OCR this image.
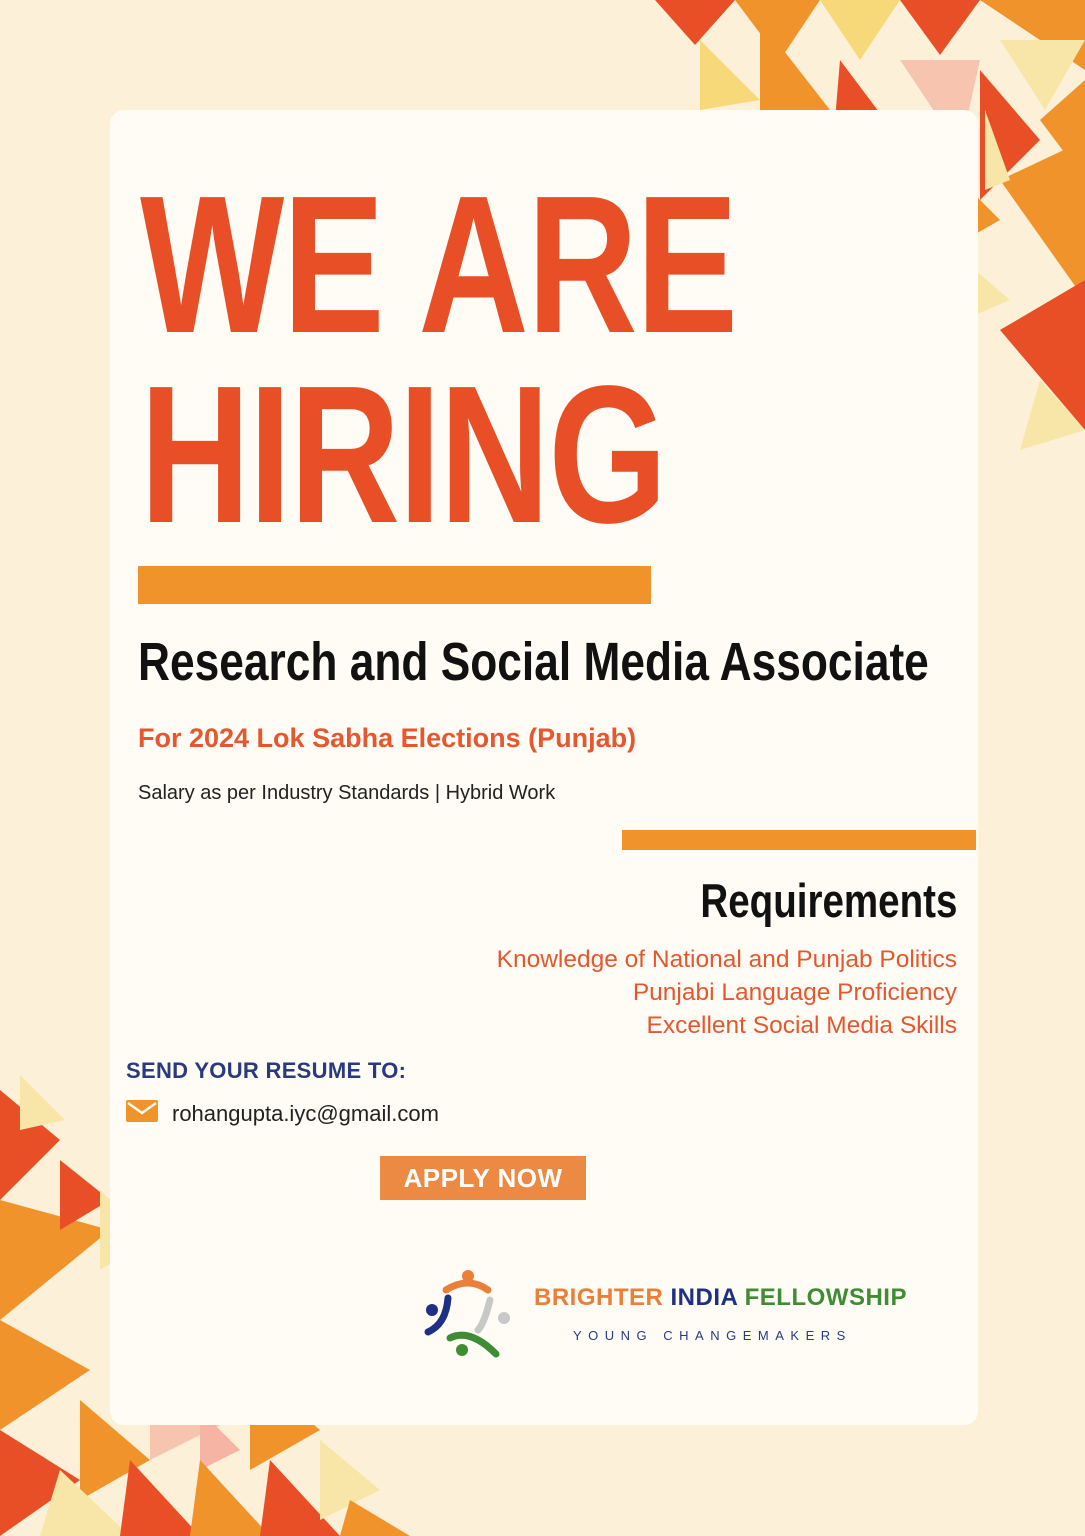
WE ARE
HIRING
Research and Social Media Associate
For 2024 Lok Sabha Elections (Punjab)
Salary as per Industry Standards | Hybrid Work
Requirements
Knowledge of National and Punjab Politics
Punjabi Language Proficiency
Excellent Social Media Skills
SEND YOUR RESUME TO:
rohangupta.iyc@gmail.com
APPLY NOW
BRIGHTER INDIA FELLOWSHIP
YOUNG CHANGEMAKERS
